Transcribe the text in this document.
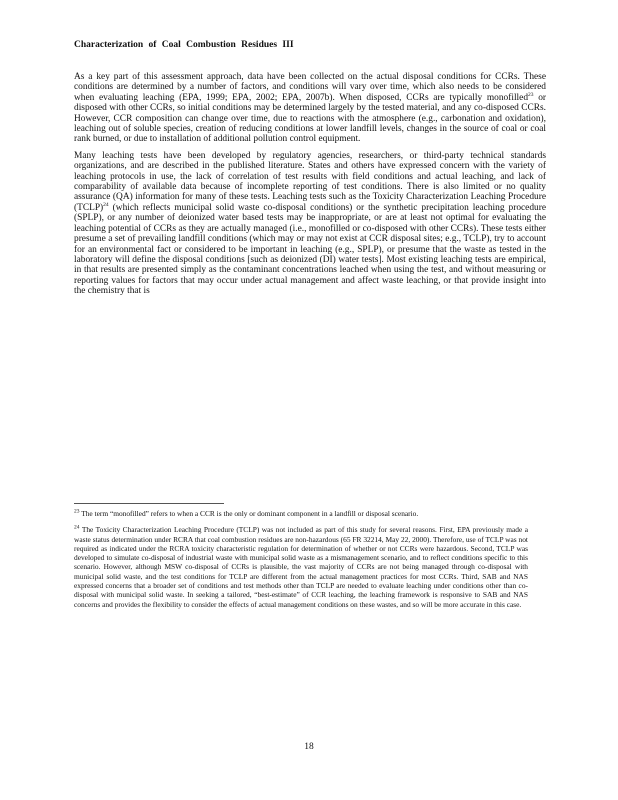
Characterization of Coal Combustion Residues III

As a key part of this assessment approach, data have been collected on the actual disposal conditions for CCRs. These conditions are determined by a number of factors, and conditions will vary over time, which also needs to be considered when evaluating leaching (EPA, 1999; EPA, 2002; EPA, 2007b). When disposed, CCRs are typically monofilled$^{23}$ or disposed with other CCRs, so initial conditions may be determined largely by the tested material, and any co-disposed CCRs. However, CCR composition can change over time, due to reactions with the atmosphere (e.g., carbonation and oxidation), leaching out of soluble species, creation of reducing conditions at lower landfill levels, changes in the source of coal or coal rank burned, or due to installation of additional pollution control equipment.

Many leaching tests have been developed by regulatory agencies, researchers, or third-party technical standards organizations, and are described in the published literature. States and others have expressed concern with the variety of leaching protocols in use, the lack of correlation of test results with field conditions and actual leaching, and lack of comparability of available data because of incomplete reporting of test conditions. There is also limited or no quality assurance (QA) information for many of these tests. Leaching tests such as the Toxicity Characterization Leaching Procedure (TCLP)$^{24}$ (which reflects municipal solid waste co-disposal conditions) or the synthetic precipitation leaching procedure (SPLP), or any number of deionized water based tests may be inappropriate, or are at least not optimal for evaluating the leaching potential of CCRs as they are actually managed (i.e., monofilled or co-disposed with other CCRs). These tests either presume a set of prevailing landfill conditions (which may or may not exist at CCR disposal sites; e.g., TCLP), try to account for an environmental fact or considered to be important in leaching (e.g., SPLP), or presume that the waste as tested in the laboratory will define the disposal conditions [such as deionized (DI) water tests]. Most existing leaching tests are empirical, in that results are presented simply as the contaminant concentrations leached when using the test, and without measuring or reporting values for factors that may occur under actual management and affect waste leaching, or that provide insight into the chemistry that is

$^{23}$ The term “monofilled” refers to when a CCR is the only or dominant component in a landfill or disposal scenario.

$^{24}$ The Toxicity Characterization Leaching Procedure (TCLP) was not included as part of this study for several reasons. First, EPA previously made a waste status determination under RCRA that coal combustion residues are non-hazardous (65 FR 32214, May 22, 2000). Therefore, use of TCLP was not required as indicated under the RCRA toxicity characteristic regulation for determination of whether or not CCRs were hazardous. Second, TCLP was developed to simulate co-disposal of industrial waste with municipal solid waste as a mismanagement scenario, and to reflect conditions specific to this scenario. However, although MSW co-disposal of CCRs is plausible, the vast majority of CCRs are not being managed through co-disposal with municipal solid waste, and the test conditions for TCLP are different from the actual management practices for most CCRs. Third, SAB and NAS expressed concerns that a broader set of conditions and test methods other than TCLP are needed to evaluate leaching under conditions other than co-disposal with municipal solid waste. In seeking a tailored, “best-estimate” of CCR leaching, the leaching framework is responsive to SAB and NAS concerns and provides the flexibility to consider the effects of actual management conditions on these wastes, and so will be more accurate in this case.

18
